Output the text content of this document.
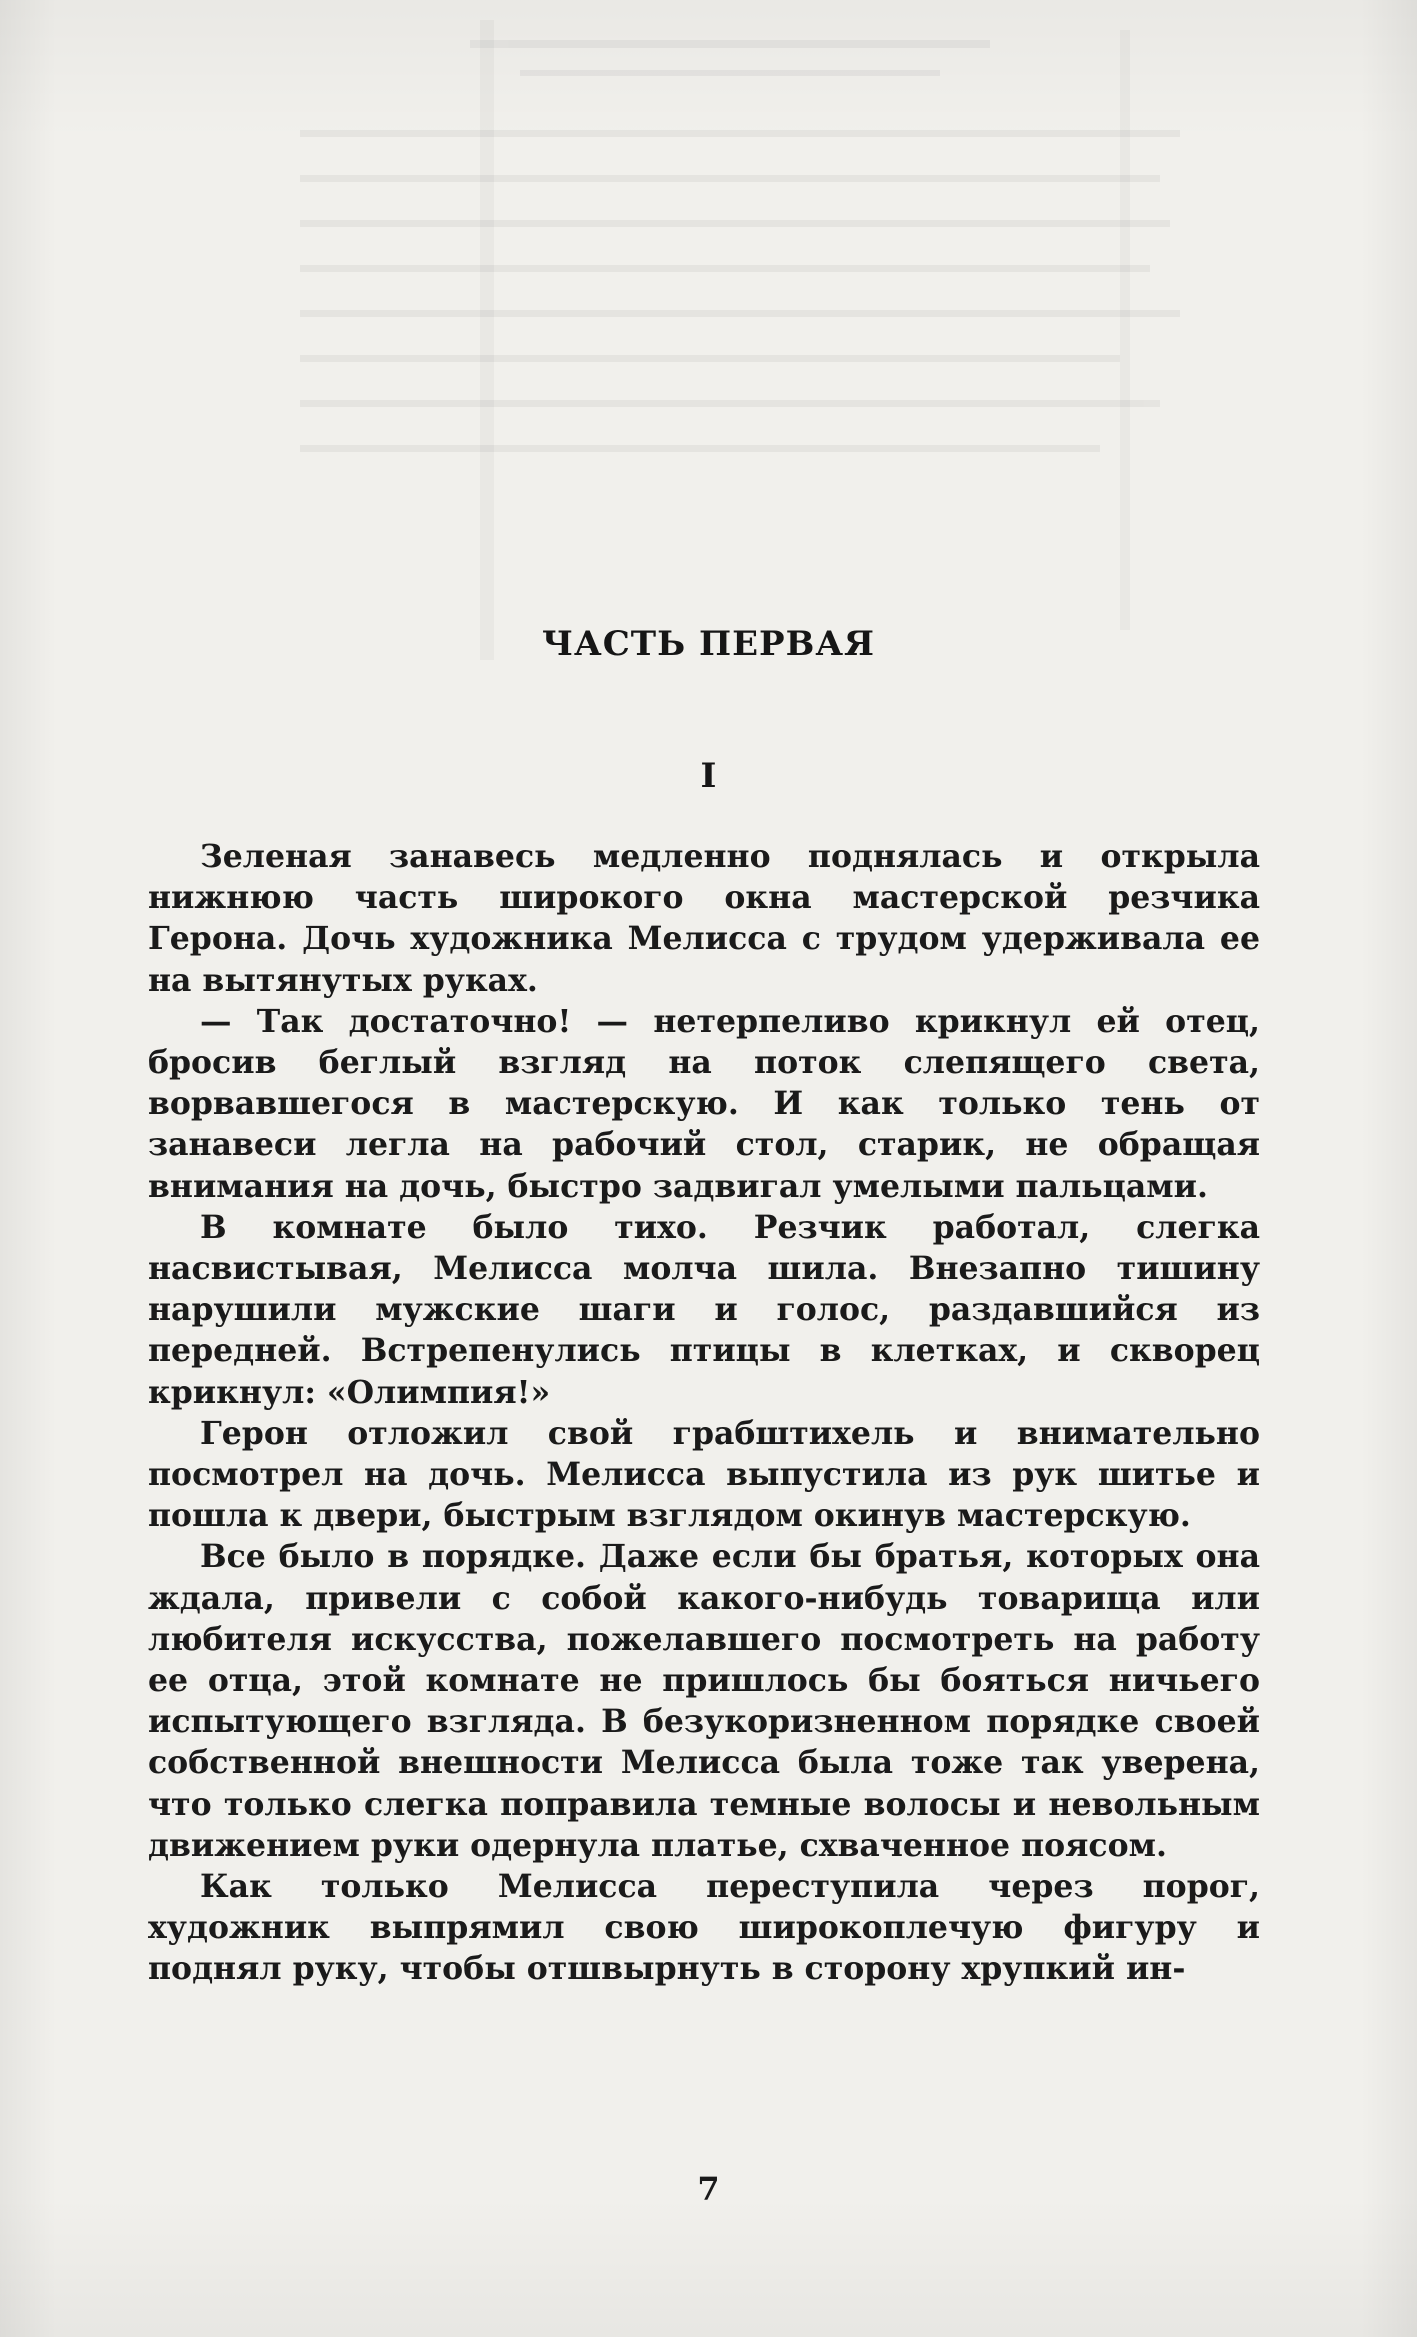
ЧАСТЬ ПЕРВАЯ
I

Зеленая занавесь медленно поднялась и открыла нижнюю часть широкого окна мастерской резчика Герона. Дочь художника Мелисса с трудом удерживала ее на вытянутых руках.

— Так достаточно! — нетерпеливо крикнул ей отец, бросив беглый взгляд на поток слепящего света, ворвавшегося в мастерскую. И как только тень от занавеси легла на рабочий стол, старик, не обращая внимания на дочь, быстро задвигал умелыми пальцами.

В комнате было тихо. Резчик работал, слегка насвистывая, Мелисса молча шила. Внезапно тишину нарушили мужские шаги и голос, раздавшийся из передней. Встрепенулись птицы в клетках, и скворец крикнул: «Олимпия!»

Герон отложил свой грабштихель и внимательно посмотрел на дочь. Мелисса выпустила из рук шитье и пошла к двери, быстрым взглядом окинув мастерскую.

Все было в порядке. Даже если бы братья, которых она ждала, привели с собой какого-нибудь товарища или любителя искусства, пожелавшего посмотреть на работу ее отца, этой комнате не пришлось бы бояться ничьего испытующего взгляда. В безукоризненном порядке своей собственной внешности Мелисса была тоже так уверена, что только слегка поправила темные волосы и невольным движением руки одернула платье, схваченное поясом.

Как только Мелисса переступила через порог, художник выпрямил свою широкоплечую фигуру и поднял руку, чтобы отшвырнуть в сторону хрупкий ин-

7
